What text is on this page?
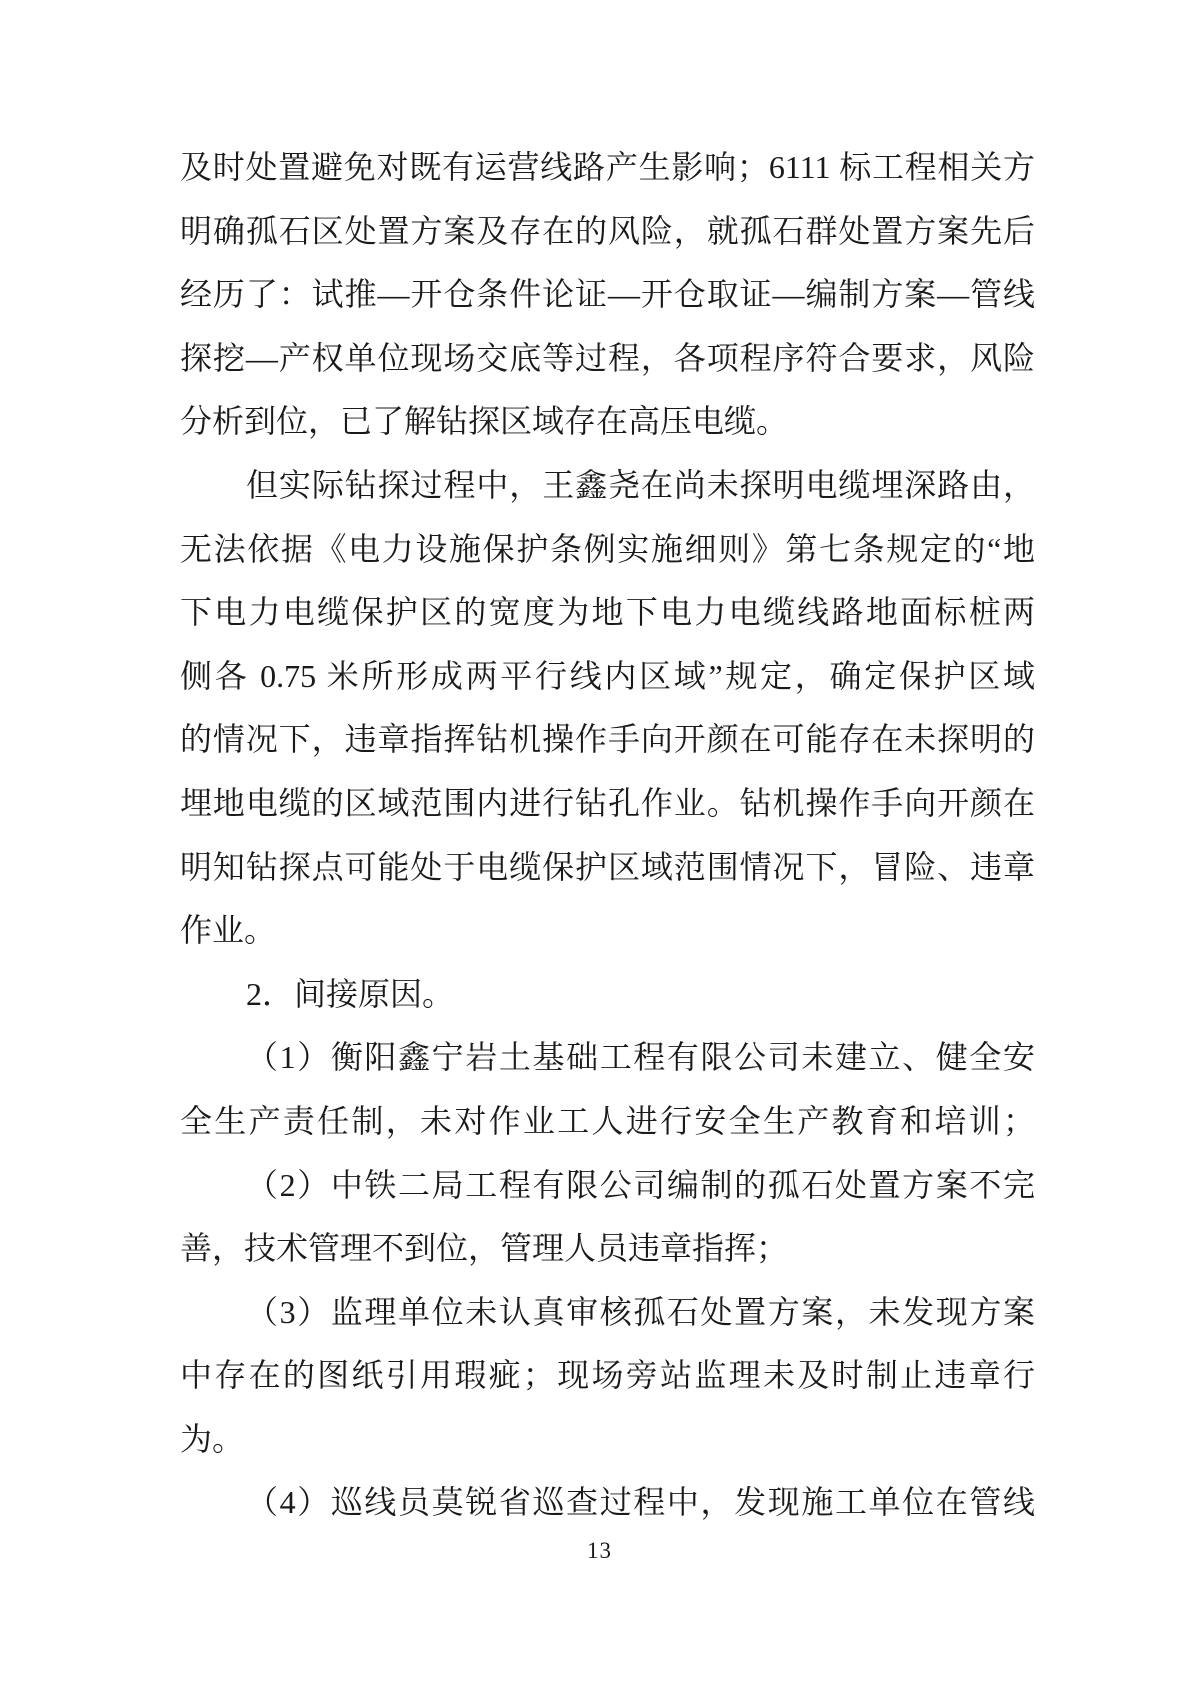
及时处置避免对既有运营线路产生影响；6111 标工程相关方
明确孤石区处置方案及存在的风险，就孤石群处置方案先后
经历了：试推—开仓条件论证—开仓取证—编制方案—管线
探挖—产权单位现场交底等过程，各项程序符合要求，风险
分析到位，已了解钻探区域存在高压电缆。
但实际钻探过程中，王鑫尧在尚未探明电缆埋深路由，
无法依据《电力设施保护条例实施细则》第七条规定的“地
下电力电缆保护区的宽度为地下电力电缆线路地面标桩两
侧各 0.75 米所形成两平行线内区域”规定，确定保护区域
的情况下，违章指挥钻机操作手向开颜在可能存在未探明的
埋地电缆的区域范围内进行钻孔作业。钻机操作手向开颜在
明知钻探点可能处于电缆保护区域范围情况下，冒险、违章
作业。
2．间接原因。
（1）衡阳鑫宁岩土基础工程有限公司未建立、健全安
全生产责任制，未对作业工人进行安全生产教育和培训；
（2）中铁二局工程有限公司编制的孤石处置方案不完
善，技术管理不到位，管理人员违章指挥；
（3）监理单位未认真审核孤石处置方案，未发现方案
中存在的图纸引用瑕疵；现场旁站监理未及时制止违章行
为。
（4）巡线员莫锐省巡查过程中，发现施工单位在管线
13
